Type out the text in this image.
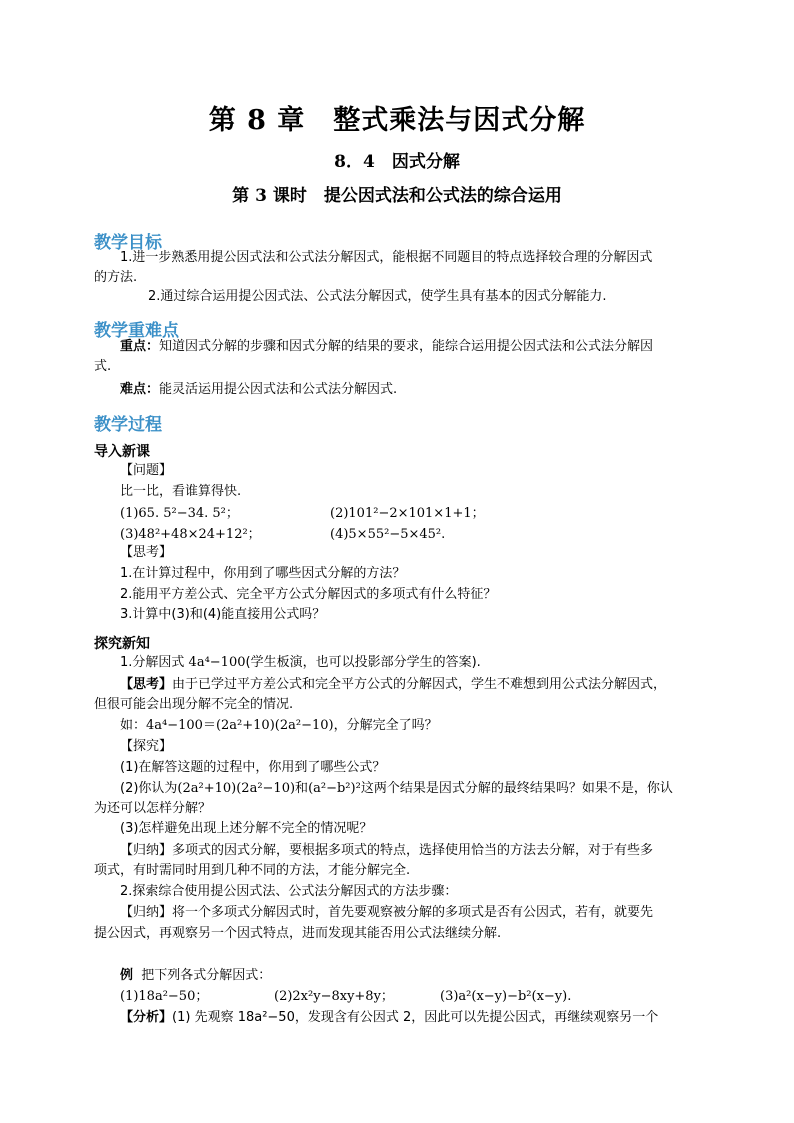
第 8 章　整式乘法与因式分解
8．4　因式分解
第 3 课时　提公因式法和公式法的综合运用
教学目标
1.进一步熟悉用提公因式法和公式法分解因式，能根据不同题目的特点选择较合理的分解因式
的方法.
2.通过综合运用提公因式法、公式法分解因式，使学生具有基本的因式分解能力.
教学重难点
重点：知道因式分解的步骤和因式分解的结果的要求，能综合运用提公因式法和公式法分解因
式.
难点：能灵活运用提公因式法和公式法分解因式.
教学过程
导入新课
【问题】
比一比，看谁算得快.
(1)65. 5²−34. 5²；	(2)101²−2×101×1+1；
(3)48²+48×24+12²；	(4)5×55²−5×45².
【思考】
1.在计算过程中，你用到了哪些因式分解的方法？
2.能用平方差公式、完全平方公式分解因式的多项式有什么特征？
3.计算中(3)和(4)能直接用公式吗？
探究新知
1.分解因式 4a⁴−100(学生板演，也可以投影部分学生的答案).
【思考】由于已学过平方差公式和完全平方公式的分解因式，学生不难想到用公式法分解因式，
但很可能会出现分解不完全的情况.
如：4a⁴−100＝(2a²+10)(2a²−10)，分解完全了吗？
【探究】
(1)在解答这题的过程中，你用到了哪些公式？
(2)你认为(2a²+10)(2a²−10)和(a²−b²)²这两个结果是因式分解的最终结果吗？如果不是，你认
为还可以怎样分解？
(3)怎样避免出现上述分解不完全的情况呢？
【归纳】多项式的因式分解，要根据多项式的特点，选择使用恰当的方法去分解，对于有些多
项式，有时需同时用到几种不同的方法，才能分解完全.
2.探索综合使用提公因式法、公式法分解因式的方法步骤：
【归纳】将一个多项式分解因式时，首先要观察被分解的多项式是否有公因式，若有，就要先
提公因式，再观察另一个因式特点，进而发现其能否用公式法继续分解.
例 把下列各式分解因式：
(1)18a²−50；	(2)2x²y−8xy+8y；	(3)a²(x−y)−b²(x−y).
【分析】(1) 先观察 18a²−50，发现含有公因式 2，因此可以先提公因式，再继续观察另一个
